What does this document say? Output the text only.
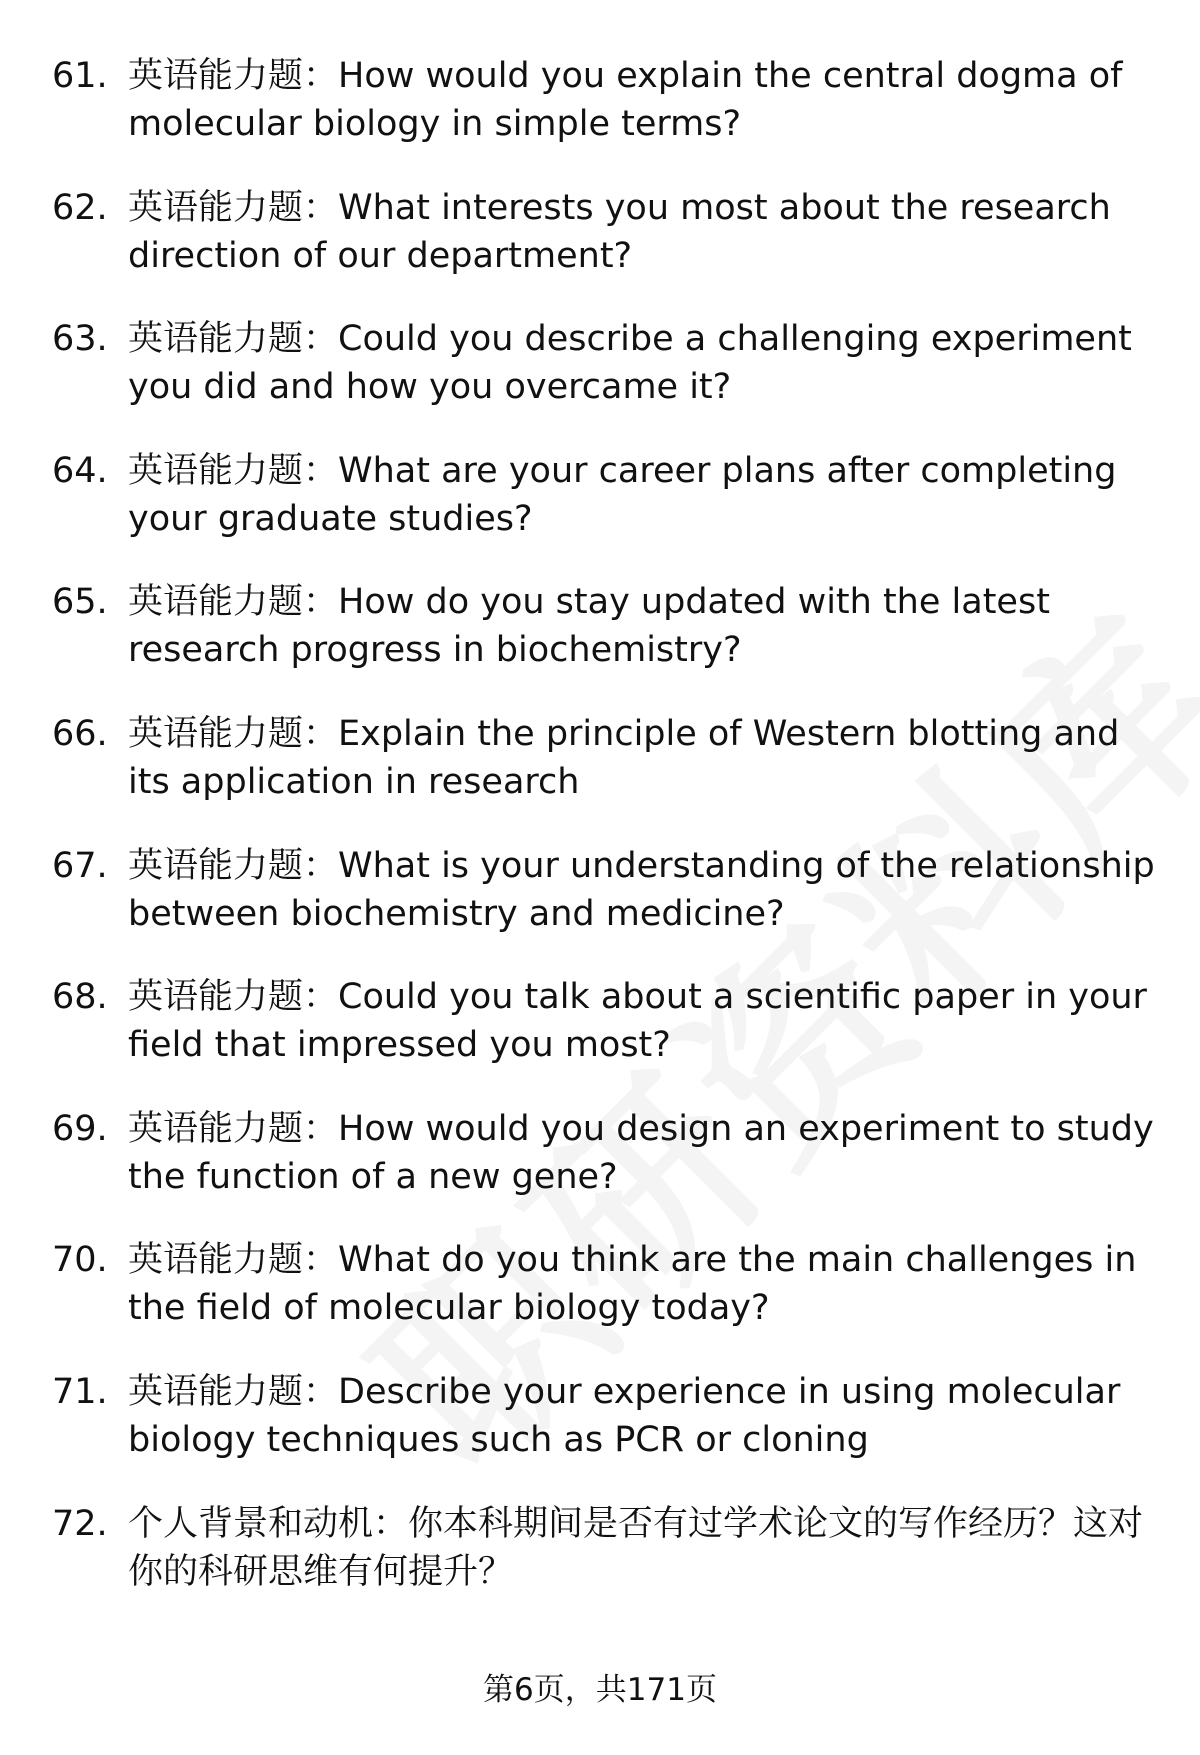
61. 英语能力题：How would you explain the central dogma of molecular biology in simple terms?
62. 英语能力题：What interests you most about the research direction of our department?
63. 英语能力题：Could you describe a challenging experiment you did and how you overcame it?
64. 英语能力题：What are your career plans after completing your graduate studies?
65. 英语能力题：How do you stay updated with the latest research progress in biochemistry?
66. 英语能力题：Explain the principle of Western blotting and its application in research
67. 英语能力题：What is your understanding of the relationship between biochemistry and medicine?
68. 英语能力题：Could you talk about a scientific paper in your field that impressed you most?
69. 英语能力题：How would you design an experiment to study the function of a new gene?
70. 英语能力题：What do you think are the main challenges in the field of molecular biology today?
71. 英语能力题：Describe your experience in using molecular biology techniques such as PCR or cloning
72. 个人背景和动机：你本科期间是否有过学术论文的写作经历？这对你的科研思维有何提升？
第6页，共171页
